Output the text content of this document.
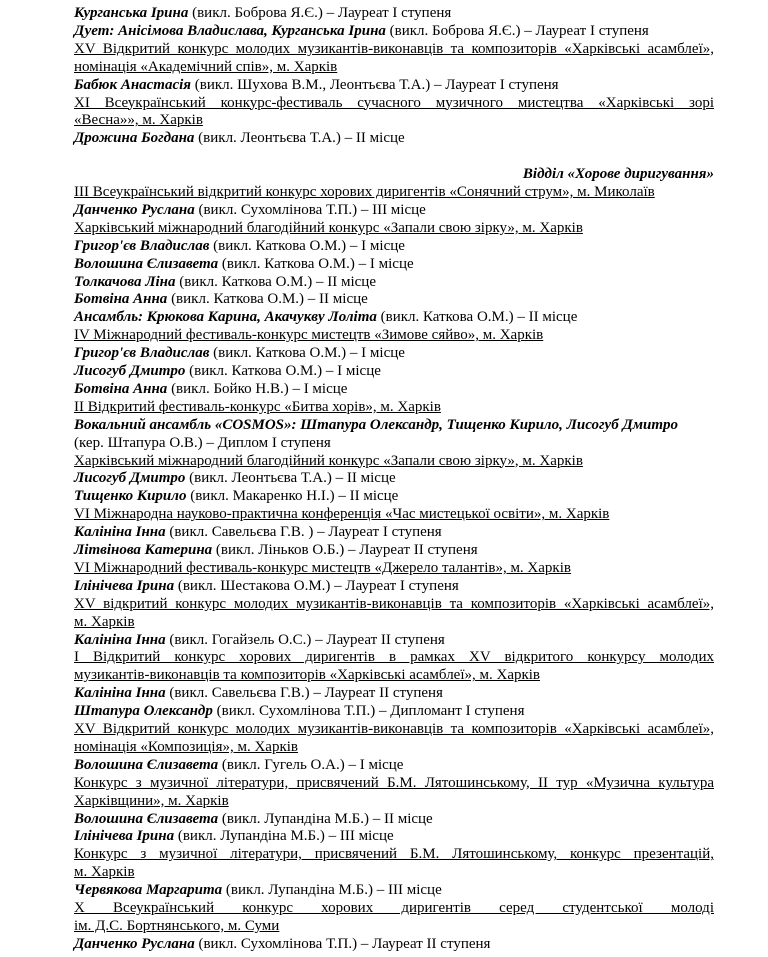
Курганська Ірина (викл. Боброва Я.Є.) – Лауреат І ступеня
Дует: Анісімова Владислава, Курганська Ірина (викл. Боброва Я.Є.) – Лауреат І ступеня
XV Відкритий конкурс молодих музикантів-виконавців та композиторів «Харківські асамблеї»,
номінація «Академічний спів», м. Харків
Бабюк Анастасія (викл. Шухова В.М., Леонтьєва Т.А.) – Лауреат І ступеня
ХІ Всеукраїнський конкурс-фестиваль сучасного музичного мистецтва «Харківські зорі
«Весна»», м. Харків
Дрожина Богдана (викл. Леонтьєва Т.А.) – ІІ місце
Відділ «Хорове диригування»
ІІІ Всеукраїнський відкритий конкурс хорових диригентів «Сонячний струм», м. Миколаїв
Данченко Руслана (викл. Сухомлінова Т.П.) – ІІІ місце
Харківський міжнародний благодійний конкурс «Запали свою зірку», м. Харків
Григор'єв Владислав (викл. Каткова О.М.) – І місце
Волошина Єлизавета (викл. Каткова О.М.) – І місце
Толкачова Ліна (викл. Каткова О.М.) – ІІ місце
Ботвіна Анна (викл. Каткова О.М.) – ІІ місце
Ансамбль: Крюкова Карина, Акачукву Лоліта (викл. Каткова О.М.) – ІІ місце
IV Міжнародний фестиваль-конкурс мистецтв «Зимове сяйво», м. Харків
Григор'єв Владислав (викл. Каткова О.М.) – І місце
Лисогуб Дмитро (викл. Каткова О.М.) – І місце
Ботвіна Анна (викл. Бойко Н.В.) – І місце
ІІ Відкритий фестиваль-конкурс «Битва хорів», м. Харків
Вокальний ансамбль «COSMOS»: Штапура Олександр, Тищенко Кирило, Лисогуб Дмитро
(кер. Штапура О.В.) – Диплом І ступеня
Харківський міжнародний благодійний конкурс «Запали свою зірку», м. Харків
Лисогуб Дмитро (викл. Леонтьєва Т.А.) – ІІ місце
Тищенко Кирило (викл. Макаренко Н.І.) – ІІ місце
VІ Міжнародна науково-практична конференція «Час мистецької освіти», м. Харків
Калініна Інна (викл. Савельєва Г.В. ) – Лауреат І ступеня
Літвінова Катерина (викл. Ліньков О.Б.) – Лауреат ІІ ступеня
VІ Міжнародний фестиваль-конкурс мистецтв «Джерело талантів», м. Харків
Ілінічева Ірина (викл. Шестакова О.М.) – Лауреат І ступеня
XV відкритий конкурс молодих музикантів-виконавців та композиторів «Харківські асамблеї»,
м. Харків
Калініна Інна (викл. Гогайзель О.С.) – Лауреат ІІ ступеня
І Відкритий конкурс хорових диригентів в рамках XV відкритого конкурсу молодих
музикантів-виконавців та композиторів «Харківські асамблеї», м. Харків
Калініна Інна (викл. Савельєва Г.В.) – Лауреат ІІ ступеня
Штапура Олександр (викл. Сухомлінова Т.П.) – Дипломант І ступеня
XV Відкритий конкурс молодих музикантів-виконавців та композиторів «Харківські асамблеї»,
номінація «Композиція», м. Харків
Волошина Єлизавета (викл. Гугель О.А.) – І місце
Конкурс з музичної літератури, присвячений Б.М. Лятошинському, ІІ тур «Музична культура
Харківщини», м. Харків
Волошина Єлизавета (викл. Лупандіна М.Б.) – ІІ місце
Ілінічева Ірина (викл. Лупандіна М.Б.) – ІІІ місце
Конкурс з музичної літератури, присвячений Б.М. Лятошинському, конкурс презентацій,
м. Харків
Червякова Маргарита (викл. Лупандіна М.Б.) – ІІІ місце
Х Всеукраїнський конкурс хорових диригентів серед студентської молоді
ім. Д.С. Бортнянського, м. Суми
Данченко Руслана (викл. Сухомлінова Т.П.) – Лауреат ІІ ступеня
